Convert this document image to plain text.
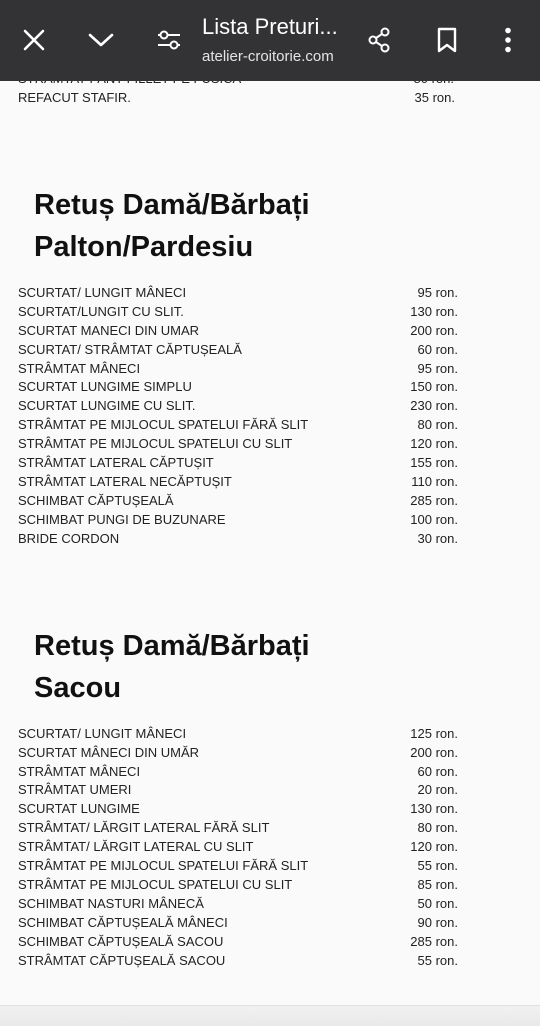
REFACUT STAFIR.	35 ron.
Retuș Damă/Bărbați
Palton/Pardesiu
SCURTAT/ LUNGIT MÂNECI	95 ron.
SCURTAT/LUNGIT CU SLIT.	130 ron.
SCURTAT MANECI DIN UMAR	200 ron.
SCURTAT/ STRÂMTAT CĂPTUȘEALĂ	60 ron.
STRÂMTAT MÂNECI	95 ron.
SCURTAT LUNGIME SIMPLU	150 ron.
SCURTAT LUNGIME CU SLIT.	230 ron.
STRÂMTAT PE MIJLOCUL SPATELUI FĂRĂ SLIT	80 ron.
STRÂMTAT PE MIJLOCUL SPATELUI CU SLIT	120 ron.
STRÂMTAT LATERAL CĂPTUȘIT	155 ron.
STRÂMTAT LATERAL NECĂPTUȘIT	110 ron.
SCHIMBAT CĂPTUȘEALĂ	285 ron.
SCHIMBAT PUNGI DE BUZUNARE	100 ron.
BRIDE CORDON	30 ron.
Retuș Damă/Bărbați
Sacou
SCURTAT/ LUNGIT MÂNECI	125 ron.
SCURTAT MÂNECI DIN UMĂR	200 ron.
STRÂMTAT MÂNECI	60 ron.
STRÂMTAT UMERI	20 ron.
SCURTAT LUNGIME	130 ron.
STRÂMTAT/ LĂRGIT LATERAL FĂRĂ SLIT	80 ron.
STRÂMTAT/ LĂRGIT LATERAL CU SLIT	120 ron.
STRÂMTAT PE MIJLOCUL SPATELUI FĂRĂ SLIT	55 ron.
STRÂMTAT PE MIJLOCUL SPATELUI CU SLIT	85 ron.
SCHIMBAT NASTURI MÂNECĂ	50 ron.
SCHIMBAT CĂPTUȘEALĂ MÂNECI	90 ron.
SCHIMBAT CĂPTUȘEALĂ SACOU	285 ron.
STRÂMTAT CĂPTUȘEALĂ SACOU	55 ron.
Lista Preturi...
atelier-croitorie.com
